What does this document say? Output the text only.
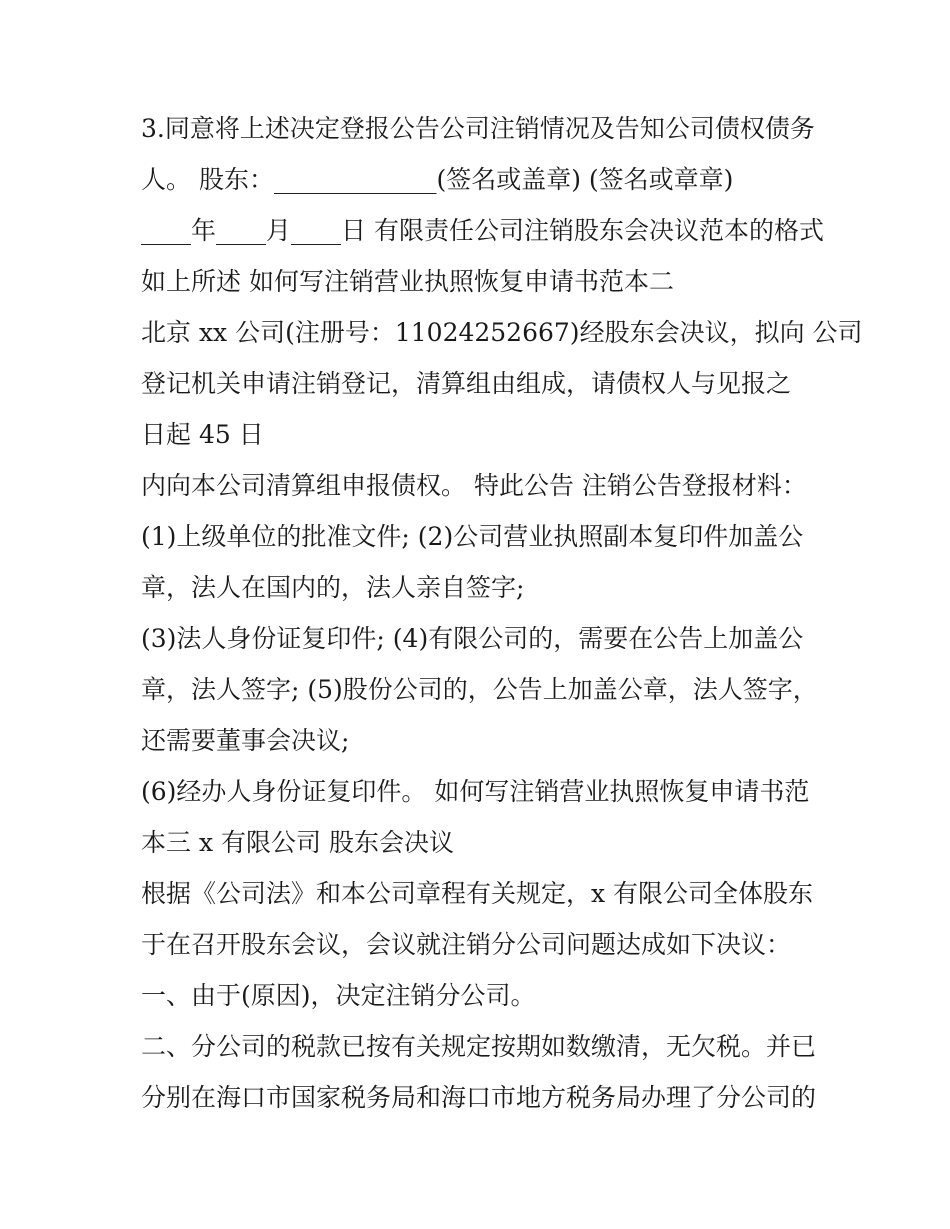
3.同意将上述决定登报公告公司注销情况及告知公司债权债务
人。 股东：_____________(签名或盖章) (签名或章章)
____年____月____日 有限责任公司注销股东会决议范本的格式
如上所述 如何写注销营业执照恢复申请书范本二
北京 xx 公司(注册号：11024252667)经股东会决议，拟向 公司
登记机关申请注销登记，清算组由组成，请债权人与见报之
日起 45 日
内向本公司清算组申报债权。 特此公告 注销公告登报材料：
(1)上级单位的批准文件; (2)公司营业执照副本复印件加盖公
章，法人在国内的，法人亲自签字;
(3)法人身份证复印件; (4)有限公司的，需要在公告上加盖公
章，法人签字; (5)股份公司的，公告上加盖公章，法人签字，
还需要董事会决议;
(6)经办人身份证复印件。 如何写注销营业执照恢复申请书范
本三 x 有限公司 股东会决议
根据《公司法》和本公司章程有关规定，x 有限公司全体股东
于在召开股东会议，会议就注销分公司问题达成如下决议：
一、由于(原因)，决定注销分公司。
二、分公司的税款已按有关规定按期如数缴清，无欠税。并已
分别在海口市国家税务局和海口市地方税务局办理了分公司的
